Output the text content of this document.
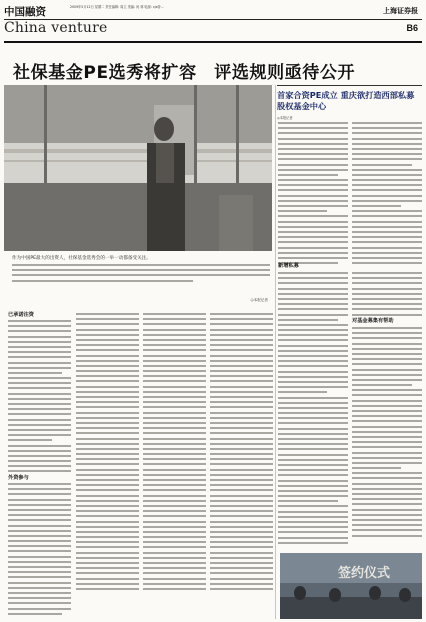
中国融资	2009年5月12日 星期二 责任编辑: 周立 美编: 何 林 电邮: cjx@...	上海证券报
China venture	B6
社保基金PE选秀将扩容　评选规则亟待公开
作为中国PE最大的出资人，社保基金选秀会的一举一动都备受关注。
◎本报记者
首家合资PE成立 重庆欲打造西部私募股权基金中心
◎本报记者
新增私募
对基金募集有帮助
签约仪式
已承诺注资
外资参与
